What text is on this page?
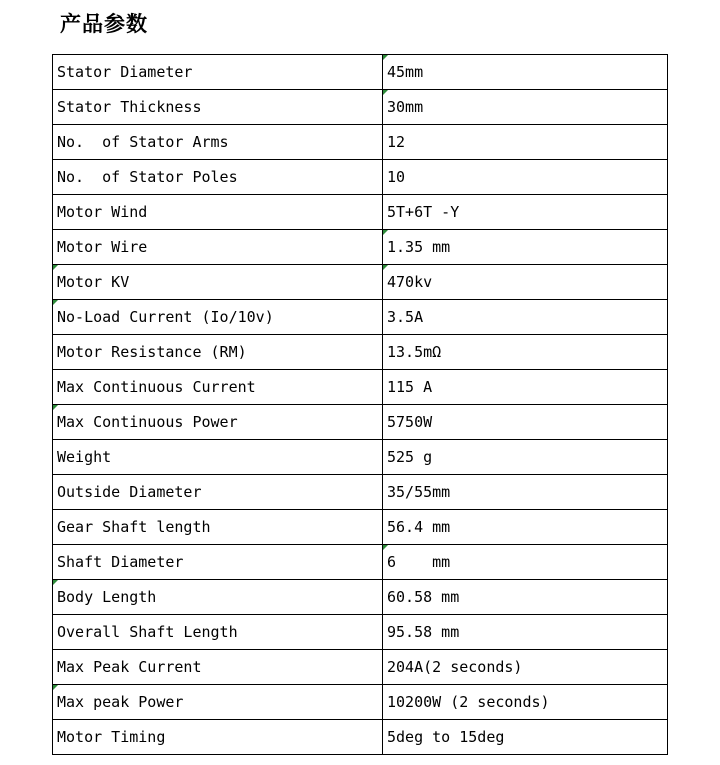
产品参数
Stator Diameter	45mm
Stator Thickness	30mm
No.  of Stator Arms	12
No.  of Stator Poles	10
Motor Wind	5T+6T -Y
Motor Wire	1.35 mm
Motor KV	470kv
No-Load Current (Io/10v)	3.5A
Motor Resistance (RM)	13.5mΩ
Max Continuous Current	115 A
Max Continuous Power	5750W
Weight	525 g
Outside Diameter	35/55mm
Gear Shaft length	56.4 mm
Shaft Diameter	6    mm
Body Length	60.58 mm
Overall Shaft Length	95.58 mm
Max Peak Current	204A(2 seconds)
Max peak Power	10200W (2 seconds)
Motor Timing	5deg to 15deg
